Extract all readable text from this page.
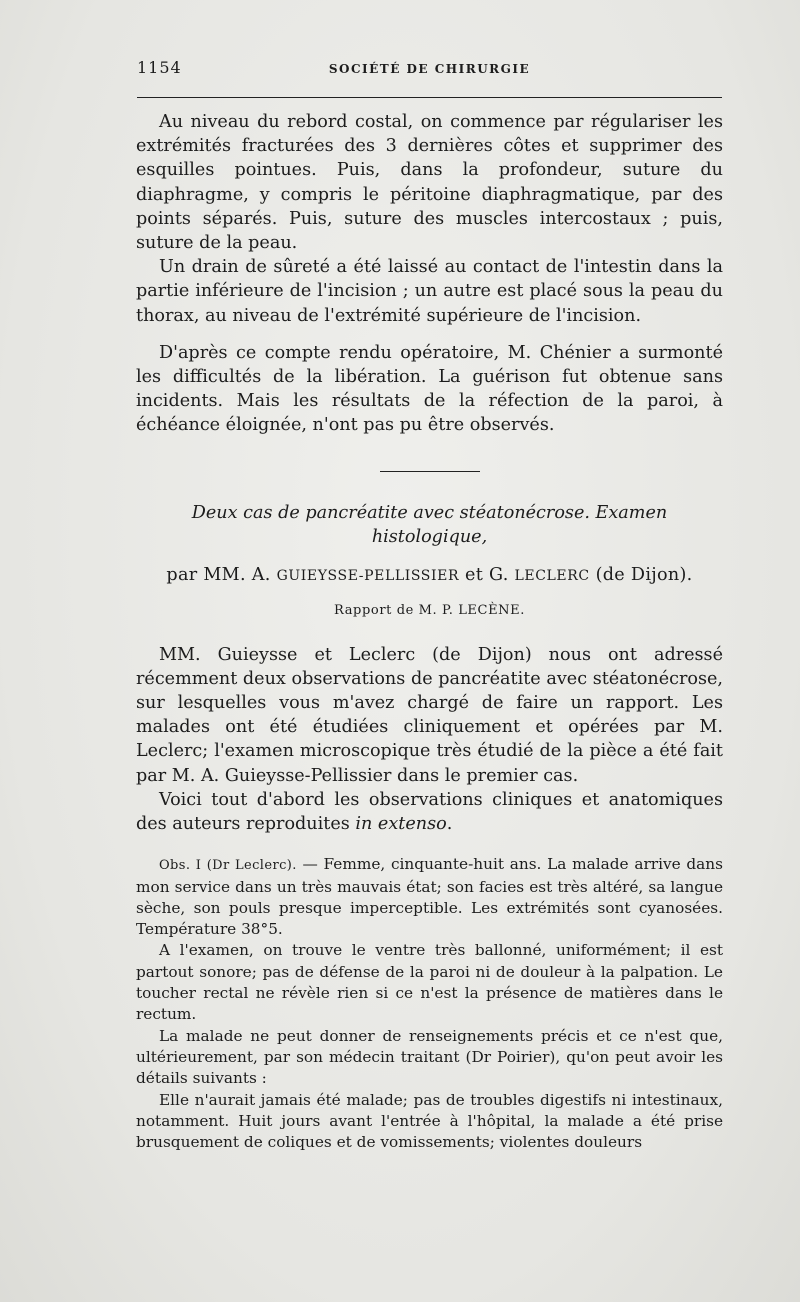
1154	SOCIÉTÉ DE CHIRURGIE

Au niveau du rebord costal, on commence par régulariser les extrémités fracturées des 3 dernières côtes et supprimer des esquilles pointues. Puis, dans la profondeur, suture du diaphragme, y compris le péritoine diaphragmatique, par des points séparés. Puis, suture des muscles intercostaux ; puis, suture de la peau.

Un drain de sûreté a été laissé au contact de l'intestin dans la partie inférieure de l'incision ; un autre est placé sous la peau du thorax, au niveau de l'extrémité supérieure de l'incision.

D'après ce compte rendu opératoire, M. Chénier a surmonté les difficultés de la libération. La guérison fut obtenue sans incidents. Mais les résultats de la réfection de la paroi, à échéance éloignée, n'ont pas pu être observés.

Deux cas de pancréatite avec stéatonécrose. Examen histologique,

par MM. A. GUIEYSSE-PELLISSIER et G. LECLERC (de Dijon).

Rapport de M. P. LECÈNE.

MM. Guieysse et Leclerc (de Dijon) nous ont adressé récemment deux observations de pancréatite avec stéatonécrose, sur lesquelles vous m'avez chargé de faire un rapport. Les malades ont été étudiées cliniquement et opérées par M. Leclerc; l'examen microscopique très étudié de la pièce a été fait par M. A. Guieysse-Pellissier dans le premier cas.

Voici tout d'abord les observations cliniques et anatomiques des auteurs reproduites in extenso.

Obs. I (Dr Leclerc). — Femme, cinquante-huit ans. La malade arrive dans mon service dans un très mauvais état; son facies est très altéré, sa langue sèche, son pouls presque imperceptible. Les extrémités sont cyanosées. Température 38°5.

A l'examen, on trouve le ventre très ballonné, uniformément; il est partout sonore; pas de défense de la paroi ni de douleur à la palpation. Le toucher rectal ne révèle rien si ce n'est la présence de matières dans le rectum.

La malade ne peut donner de renseignements précis et ce n'est que, ultérieurement, par son médecin traitant (Dr Poirier), qu'on peut avoir les détails suivants :

Elle n'aurait jamais été malade; pas de troubles digestifs ni intestinaux, notamment. Huit jours avant l'entrée à l'hôpital, la malade a été prise brusquement de coliques et de vomissements; violentes douleurs
